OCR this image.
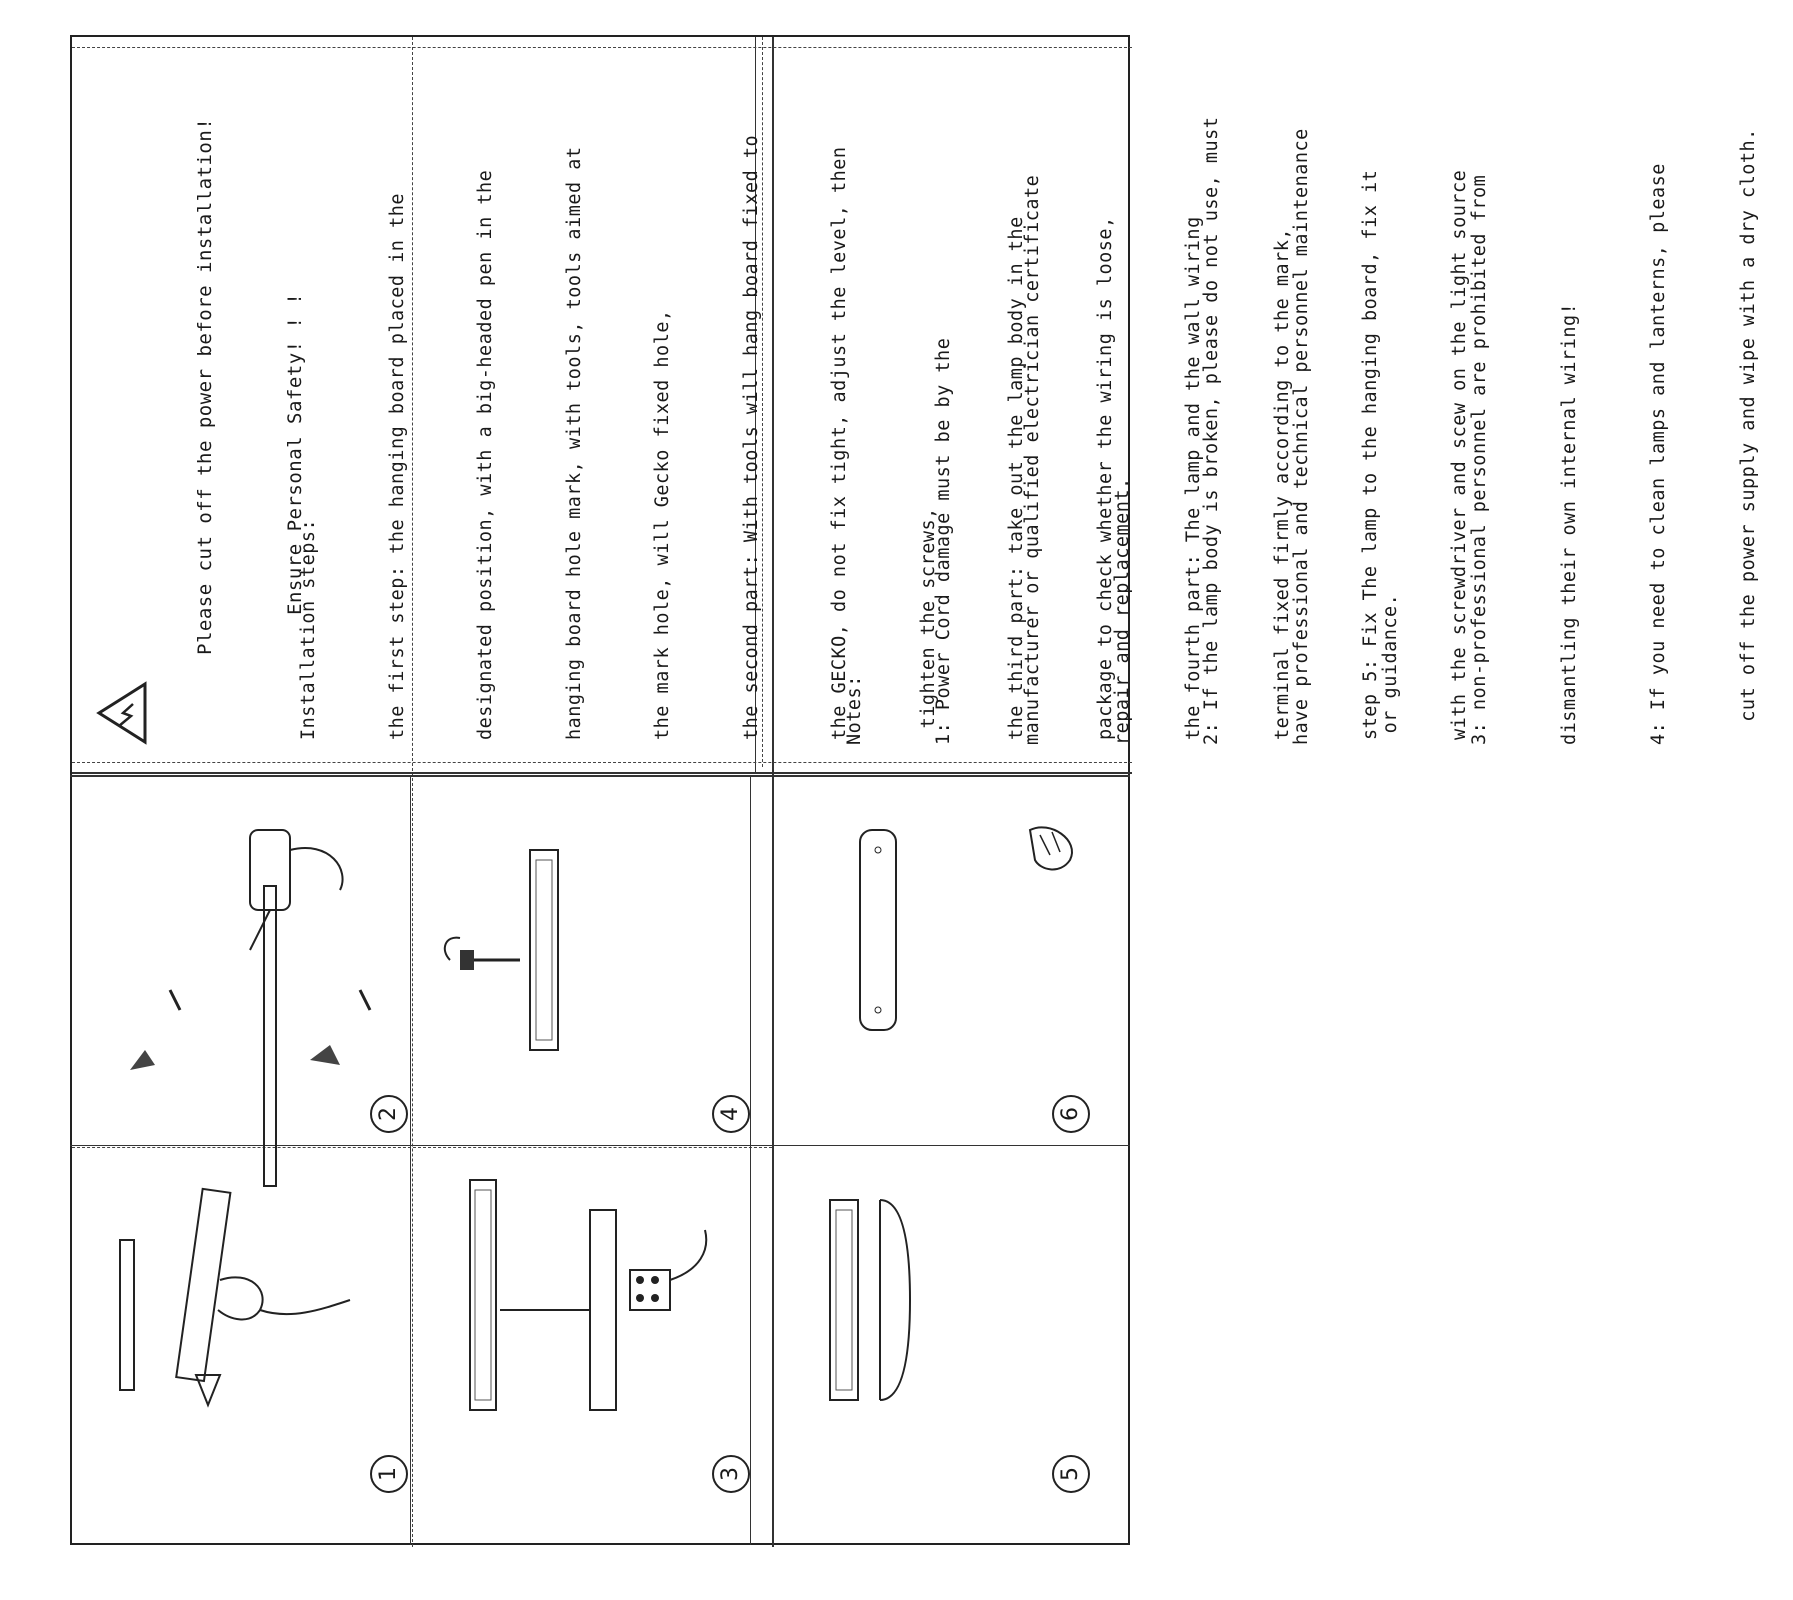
Please cut off the power before installation!

	Ensure Personal Safety! ! !

Installation steps:

	the first step: the hanging board placed in the

	designated position, with a big-headed pen in the

	hanging board hole mark, with tools, tools aimed at

	the mark hole, will Gecko fixed hole,

	the second part: With tools will hang board fixed to

	the GECKO, do not fix tight, adjust the level, then

	tighten the screws,

	the third part: take out the lamp body in the

	package to check whether the wiring is loose,

	the fourth part: The lamp and the wall wiring

	terminal fixed firmly according to the mark,

	step 5: Fix The lamp to the hanging board, fix it

	with the screwdriver and scew on the light source

Notes:

	1: Power Cord damage must be by the

	manufacturer or qualified electrician certificate

	repair and replacement.

	2: If the lamp body is broken, please do not use, must

	have professional and technical personnel maintenance

	or guidance.

	3: non-professional personnel are prohibited from

	dismantling their own internal wiring!

	4: If you need to clean lamps and lanterns, please

	cut off the power supply and wipe with a dry cloth.

1
2
3
4
5
6
